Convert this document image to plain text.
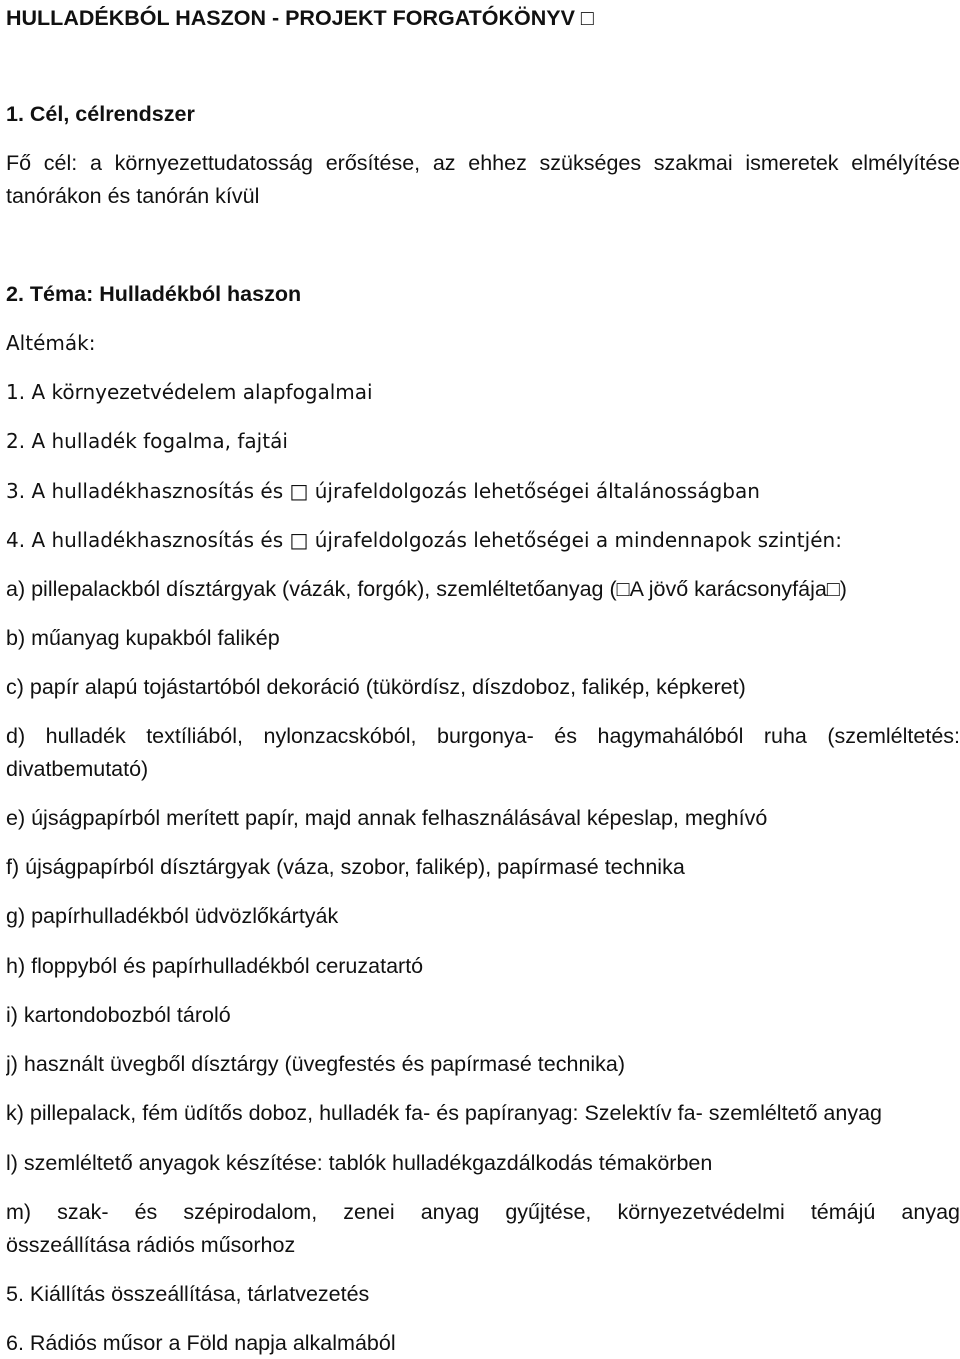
HULLADÉKBÓL HASZON - PROJEKT FORGATÓKÖNYV □
1. Cél, célrendszer
Fő cél: a környezettudatosság erősítése, az ehhez szükséges szakmai ismeretek elmélyítése
tanórákon és tanórán kívül
2. Téma: Hulladékból haszon
Altémák:
1. A környezetvédelem alapfogalmai
2. A hulladék fogalma, fajtái
3. A hulladékhasznosítás és □ újrafeldolgozás lehetőségei általánosságban
4. A hulladékhasznosítás és □ újrafeldolgozás lehetőségei a mindennapok szintjén:
a) pillepalackból dísztárgyak (vázák, forgók), szemléltetőanyag (□A jövő karácsonyfája□)
b) műanyag kupakból falikép
c) papír alapú tojástartóból dekoráció (tükördísz, díszdoboz, falikép, képkeret)
d) hulladék textíliából, nylonzacskóból, burgonya- és hagymahálóból ruha (szemléltetés:
divatbemutató)
e) újságpapírból merített papír, majd annak felhasználásával képeslap, meghívó
f) újságpapírból dísztárgyak (váza, szobor, falikép), papírmasé technika
g) papírhulladékból üdvözlőkártyák
h) floppyból és papírhulladékból ceruzatartó
i) kartondobozból tároló
j) használt üvegből dísztárgy (üvegfestés és papírmasé technika)
k) pillepalack, fém üdítős doboz, hulladék fa- és papíranyag: Szelektív fa- szemléltető anyag
l) szemléltető anyagok készítése: tablók hulladékgazdálkodás témakörben
m) szak- és szépirodalom, zenei anyag gyűjtése, környezetvédelmi témájú anyag
összeállítása rádiós műsorhoz
5. Kiállítás összeállítása, tárlatvezetés
6. Rádiós műsor a Föld napja alkalmából
